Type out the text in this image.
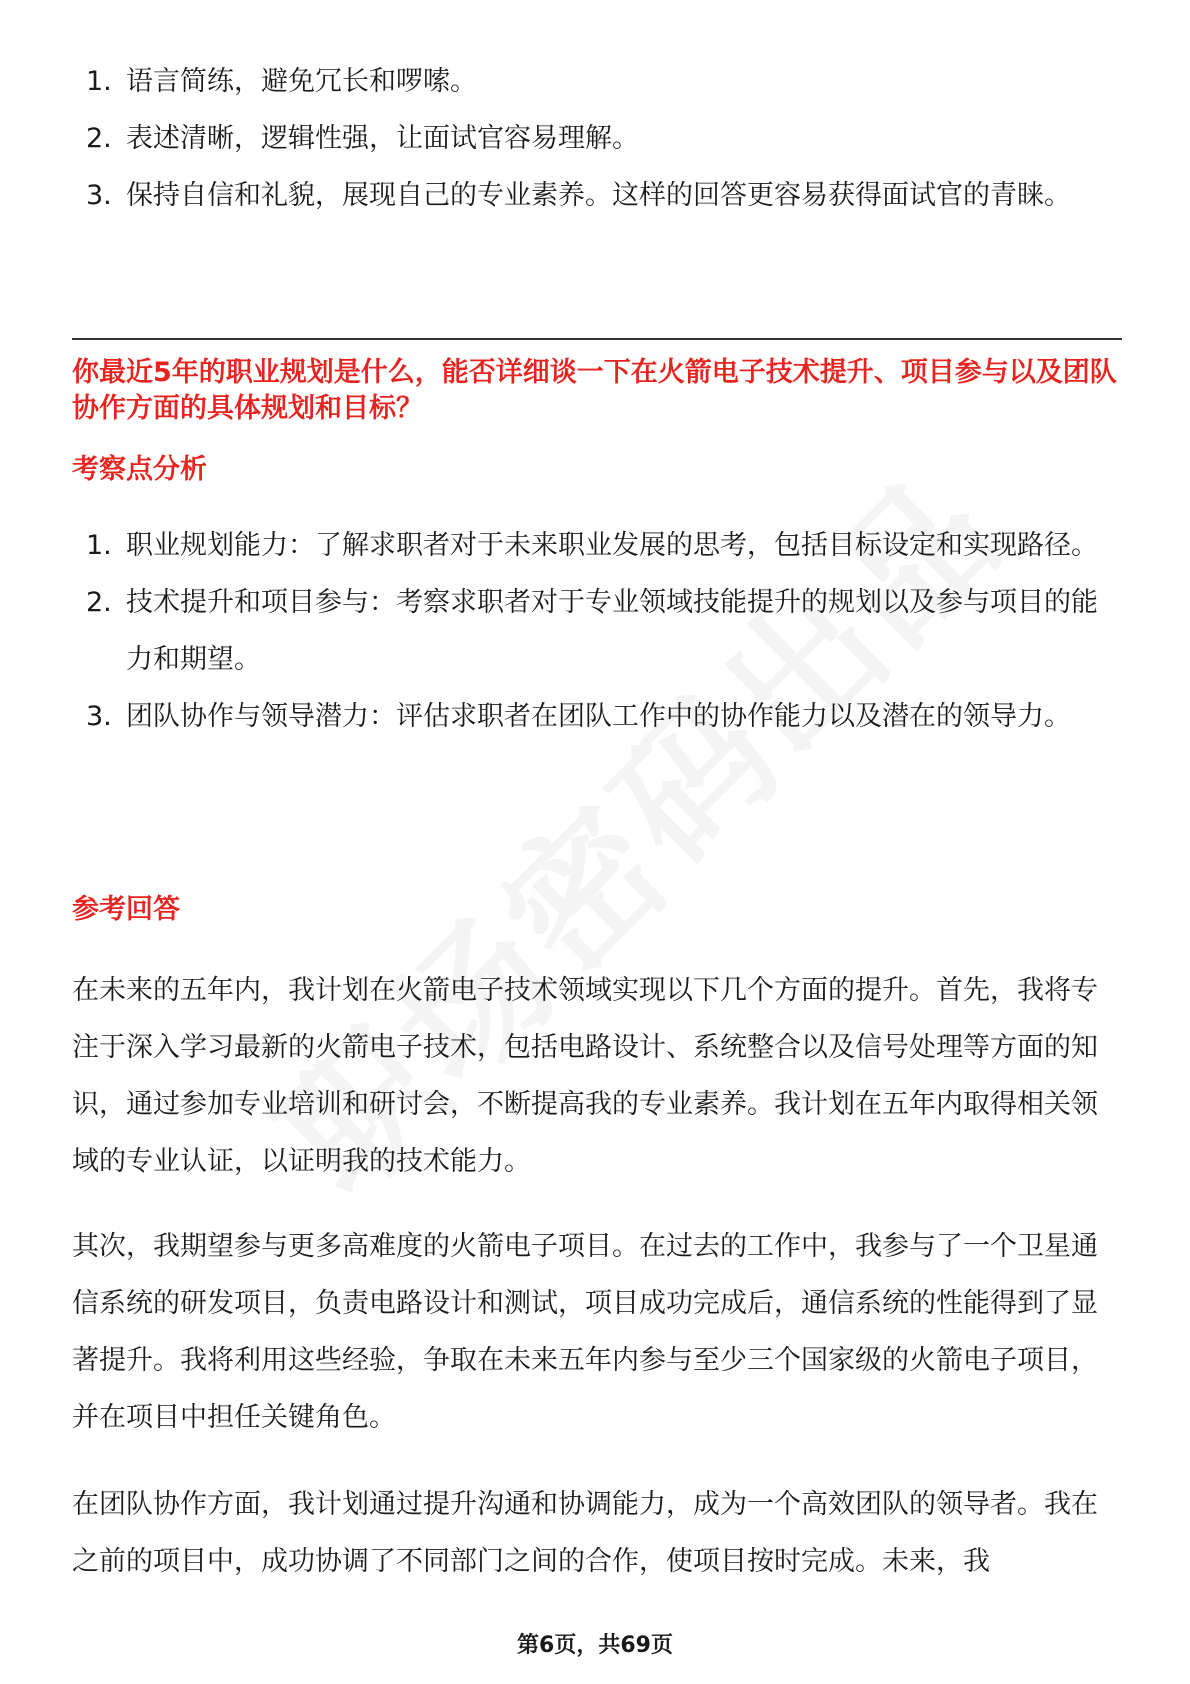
1. 语言简练，避免冗长和啰嗦。
2. 表述清晰，逻辑性强，让面试官容易理解。
3. 保持自信和礼貌，展现自己的专业素养。这样的回答更容易获得面试官的青睐。
你最近5年的职业规划是什么，能否详细谈一下在火箭电子技术提升、项目参与以及团队协作方面的具体规划和目标？
考察点分析
1. 职业规划能力：了解求职者对于未来职业发展的思考，包括目标设定和实现路径。
2. 技术提升和项目参与：考察求职者对于专业领域技能提升的规划以及参与项目的能力和期望。
3. 团队协作与领导潜力：评估求职者在团队工作中的协作能力以及潜在的领导力。
参考回答

在未来的五年内，我计划在火箭电子技术领域实现以下几个方面的提升。首先，我将专注于深入学习最新的火箭电子技术，包括电路设计、系统整合以及信号处理等方面的知识，通过参加专业培训和研讨会，不断提高我的专业素养。我计划在五年内取得相关领域的专业认证，以证明我的技术能力。

其次，我期望参与更多高难度的火箭电子项目。在过去的工作中，我参与了一个卫星通信系统的研发项目，负责电路设计和测试，项目成功完成后，通信系统的性能得到了显著提升。我将利用这些经验，争取在未来五年内参与至少三个国家级的火箭电子项目，并在项目中担任关键角色。

在团队协作方面，我计划通过提升沟通和协调能力，成为一个高效团队的领导者。我在之前的项目中，成功协调了不同部门之间的合作，使项目按时完成。未来，我

第6页，共69页
